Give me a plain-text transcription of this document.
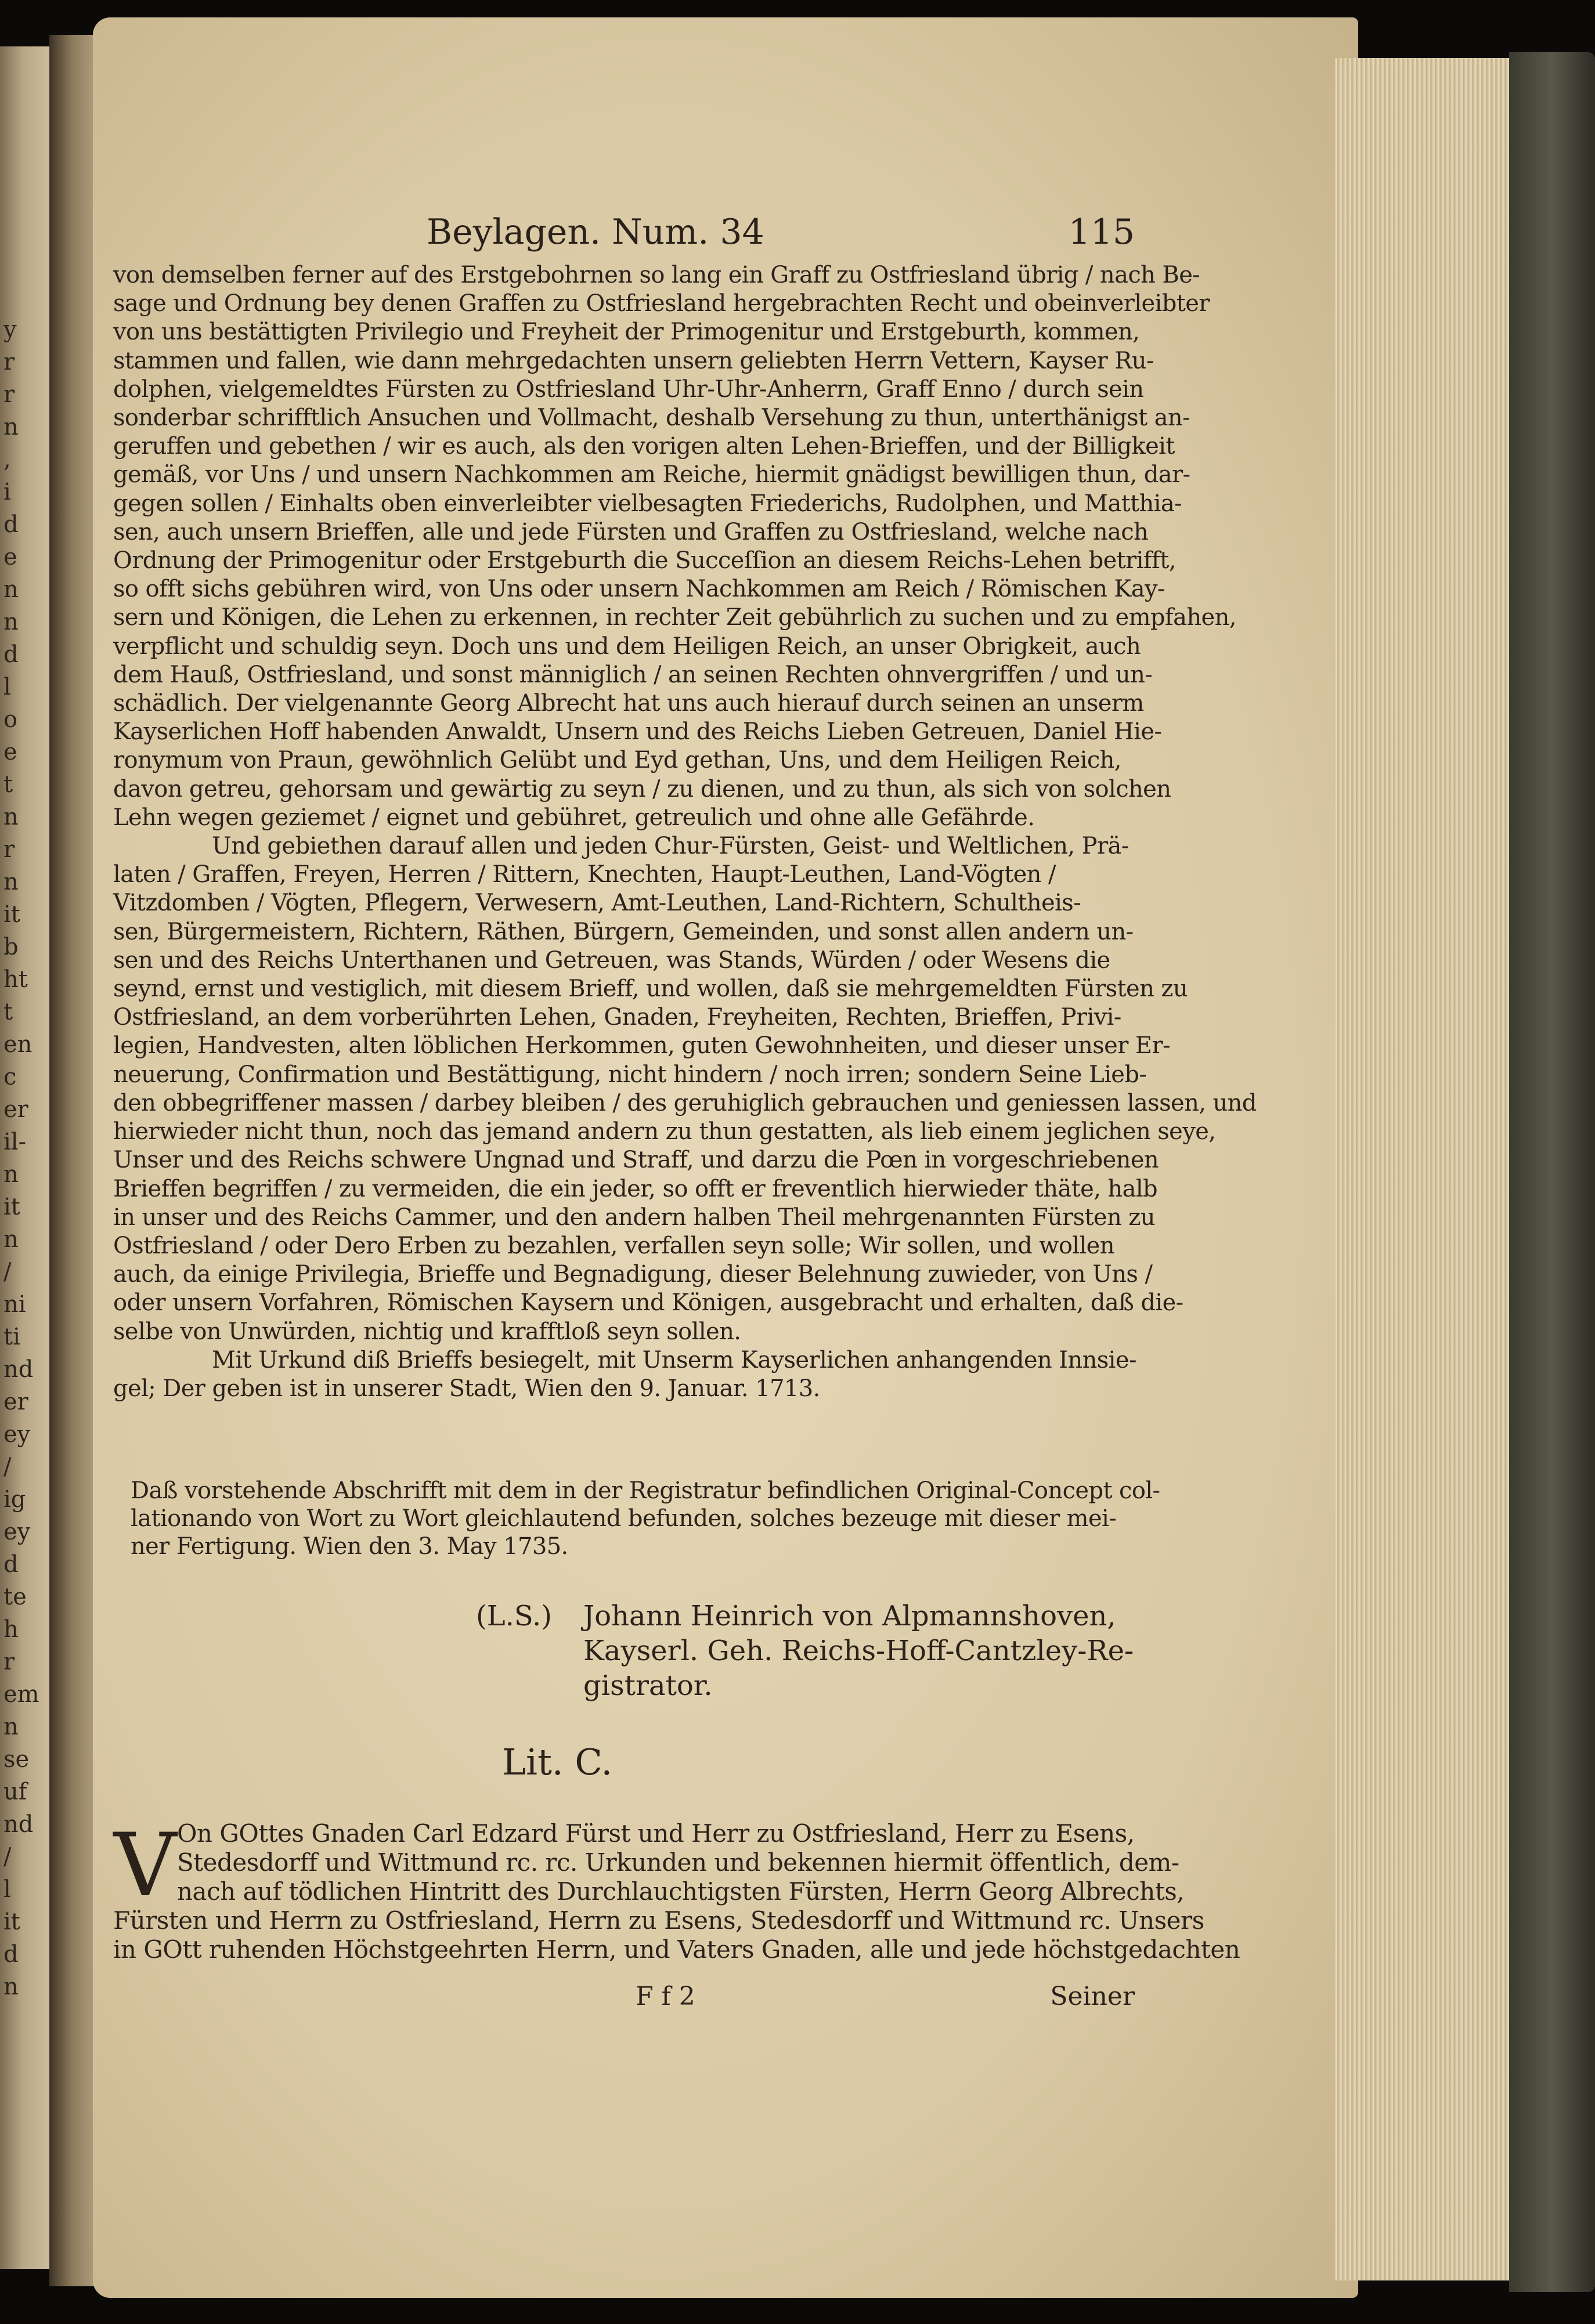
y
r
r
n
,
i
d
e
n
n
d
l
o
e
t
n
r
n
it
b
ht
t
en
c
er
il-
n
it
n
/
ni
ti
nd
er
ey
/
ig
ey
d
te
h
r
em
n
se
uf
nd
/
l
it
d
n
Beylagen. Num. 34	115
von demselben ferner auf des Erstgebohrnen so lang ein Graff zu Ostfriesland übrig / nach Be-
sage und Ordnung bey denen Graffen zu Ostfriesland hergebrachten Recht und obeinverleibter
von uns bestättigten Privilegio und Freyheit der Primogenitur und Erstgeburth, kommen,
stammen und fallen, wie dann mehrgedachten unsern geliebten Herrn Vettern, Kayser Ru-
dolphen, vielgemeldtes Fürsten zu Ostfriesland Uhr-Uhr-Anherrn, Graff Enno / durch sein
sonderbar schrifftlich Ansuchen und Vollmacht, deshalb Versehung zu thun, unterthänigst an-
geruffen und gebethen / wir es auch, als den vorigen alten Lehen-Brieffen, und der Billigkeit
gemäß, vor Uns / und unsern Nachkommen am Reiche, hiermit gnädigst bewilligen thun, dar-
gegen sollen / Einhalts oben einverleibter vielbesagten Friederichs, Rudolphen, und Matthia-
sen, auch unsern Brieffen, alle und jede Fürsten und Graffen zu Ostfriesland, welche nach
Ordnung der Primogenitur oder Erstgeburth die Succeſſion an diesem Reichs-Lehen betrifft,
so offt sichs gebühren wird, von Uns oder unsern Nachkommen am Reich / Römischen Kay-
sern und Königen, die Lehen zu erkennen, in rechter Zeit gebührlich zu suchen und zu empfahen,
verpflicht und schuldig seyn. Doch uns und dem Heiligen Reich, an unser Obrigkeit, auch
dem Hauß, Ostfriesland, und sonst männiglich / an seinen Rechten ohnvergriffen / und un-
schädlich. Der vielgenannte Georg Albrecht hat uns auch hierauf durch seinen an unserm
Kayserlichen Hoff habenden Anwaldt, Unsern und des Reichs Lieben Getreuen, Daniel Hie-
ronymum von Praun, gewöhnlich Gelübt und Eyd gethan, Uns, und dem Heiligen Reich,
davon getreu, gehorsam und gewärtig zu seyn / zu dienen, und zu thun, als sich von solchen
Lehn wegen geziemet / eignet und gebühret, getreulich und ohne alle Gefährde.
Und gebiethen darauf allen und jeden Chur-Fürsten, Geist- und Weltlichen, Prä-
laten / Graffen, Freyen, Herren / Rittern, Knechten, Haupt-Leuthen, Land-Vögten /
Vitzdomben / Vögten, Pflegern, Verwesern, Amt-Leuthen, Land-Richtern, Schultheis-
sen, Bürgermeistern, Richtern, Räthen, Bürgern, Gemeinden, und sonst allen andern un-
sen und des Reichs Unterthanen und Getreuen, was Stands, Würden / oder Wesens die
seynd, ernst und vestiglich, mit diesem Brieff, und wollen, daß sie mehrgemeldten Fürsten zu
Ostfriesland, an dem vorberührten Lehen, Gnaden, Freyheiten, Rechten, Brieffen, Privi-
legien, Handvesten, alten löblichen Herkommen, guten Gewohnheiten, und dieser unser Er-
neuerung, Confirmation und Bestättigung, nicht hindern / noch irren; sondern Seine Lieb-
den obbegriffener massen / darbey bleiben / des geruhiglich gebrauchen und geniessen lassen, und
hierwieder nicht thun, noch das jemand andern zu thun gestatten, als lieb einem jeglichen seye,
Unser und des Reichs schwere Ungnad und Straff, und darzu die Pœn in vorgeschriebenen
Brieffen begriffen / zu vermeiden, die ein jeder, so offt er freventlich hierwieder thäte, halb
in unser und des Reichs Cammer, und den andern halben Theil mehrgenannten Fürsten zu
Ostfriesland / oder Dero Erben zu bezahlen, verfallen seyn solle; Wir sollen, und wollen
auch, da einige Privilegia, Brieffe und Begnadigung, dieser Belehnung zuwieder, von Uns /
oder unsern Vorfahren, Römischen Kaysern und Königen, ausgebracht und erhalten, daß die-
selbe von Unwürden, nichtig und krafftloß seyn sollen.
Mit Urkund diß Brieffs besiegelt, mit Unserm Kayserlichen anhangenden Innsie-
gel; Der geben ist in unserer Stadt, Wien den 9. Januar. 1713.
Daß vorstehende Abschrifft mit dem in der Registratur befindlichen Original-Concept col-
lationando von Wort zu Wort gleichlautend befunden, solches bezeuge mit dieser mei-
ner Fertigung. Wien den 3. May 1735.
(L.S.)	Johann Heinrich von Alpmannshoven,
Kayserl. Geh. Reichs-Hoff-Cantzley-Re-
gistrator.
Lit. C.
V On GOttes Gnaden Carl Edzard Fürst und Herr zu Ostfriesland, Herr zu Esens,
Stedesdorff und Wittmund rc. rc. Urkunden und bekennen hiermit öffentlich, dem-
nach auf tödlichen Hintritt des Durchlauchtigsten Fürsten, Herrn Georg Albrechts,
Fürsten und Herrn zu Ostfriesland, Herrn zu Esens, Stedesdorff und Wittmund rc. Unsers
in GOtt ruhenden Höchstgeehrten Herrn, und Vaters Gnaden, alle und jede höchstgedachten
F f 2	Seiner
